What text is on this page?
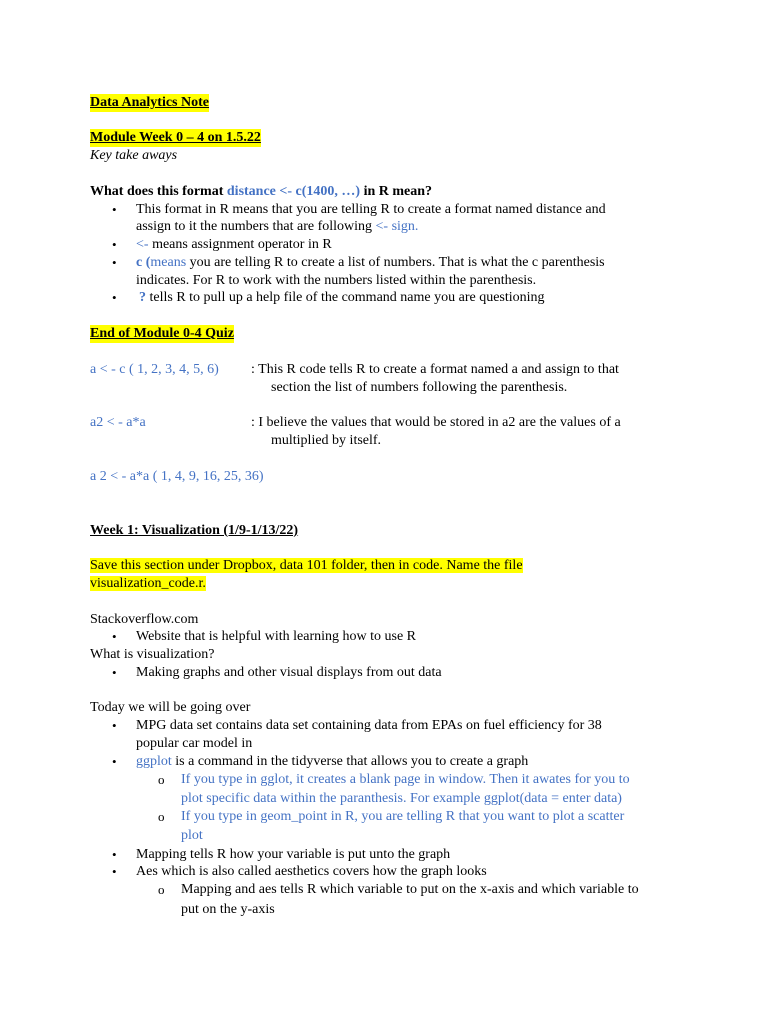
Data Analytics Note
Module Week 0 – 4 on 1.5.22
Key take aways
What does this format distance <- c(1400, …) in R mean?
• This format in R means that you are telling R to create a format named distance and
assign to it the numbers that are following <- sign.
• <- means assignment operator in R
• c (means you are telling R to create a list of numbers. That is what the c parenthesis
indicates. For R to work with the numbers listed within the parenthesis.
• ? tells R to pull up a help file of the command name you are questioning
End of Module 0-4 Quiz
a < - c ( 1, 2, 3, 4, 5, 6) : This R code tells R to create a format named a and assign to that
section the list of numbers following the parenthesis.
a2 < - a*a	: I believe the values that would be stored in a2 are the values of a
multiplied by itself.
a 2 < - a*a ( 1, 4, 9, 16, 25, 36)
Week 1: Visualization (1/9-1/13/22)
Save this section under Dropbox, data 101 folder, then in code. Name the file
visualization_code.r.
Stackoverflow.com
• Website that is helpful with learning how to use R
What is visualization?
• Making graphs and other visual displays from out data
Today we will be going over
• MPG data set contains data set containing data from EPAs on fuel efficiency for 38
popular car model in
• ggplot is a command in the tidyverse that allows you to create a graph
o If you type in gglot, it creates a blank page in window. Then it awates for you to
plot specific data within the paranthesis. For example ggplot(data = enter data)
o If you type in geom_point in R, you are telling R that you want to plot a scatter
plot
• Mapping tells R how your variable is put unto the graph
• Aes which is also called aesthetics covers how the graph looks
o Mapping and aes tells R which variable to put on the x-axis and which variable to
put on the y-axis
